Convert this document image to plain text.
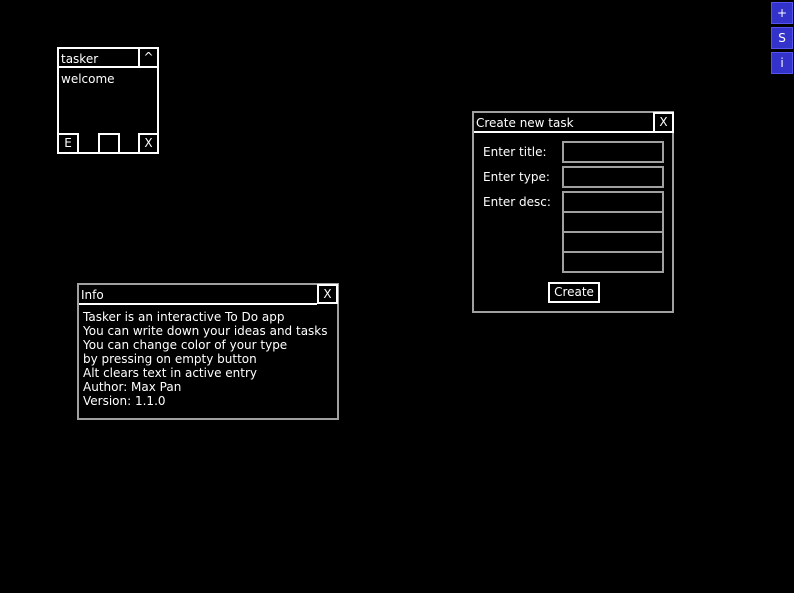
+
S
i
tasker	^
welcome
E	X
Info	X
Tasker is an interactive To Do app
You can write down your ideas and tasks
You can change color of your type
by pressing on empty button
Alt clears text in active entry
Author: Max Pan
Version: 1.1.0
Create new task	X
Enter title:
Enter type:
Enter desc:
Create
